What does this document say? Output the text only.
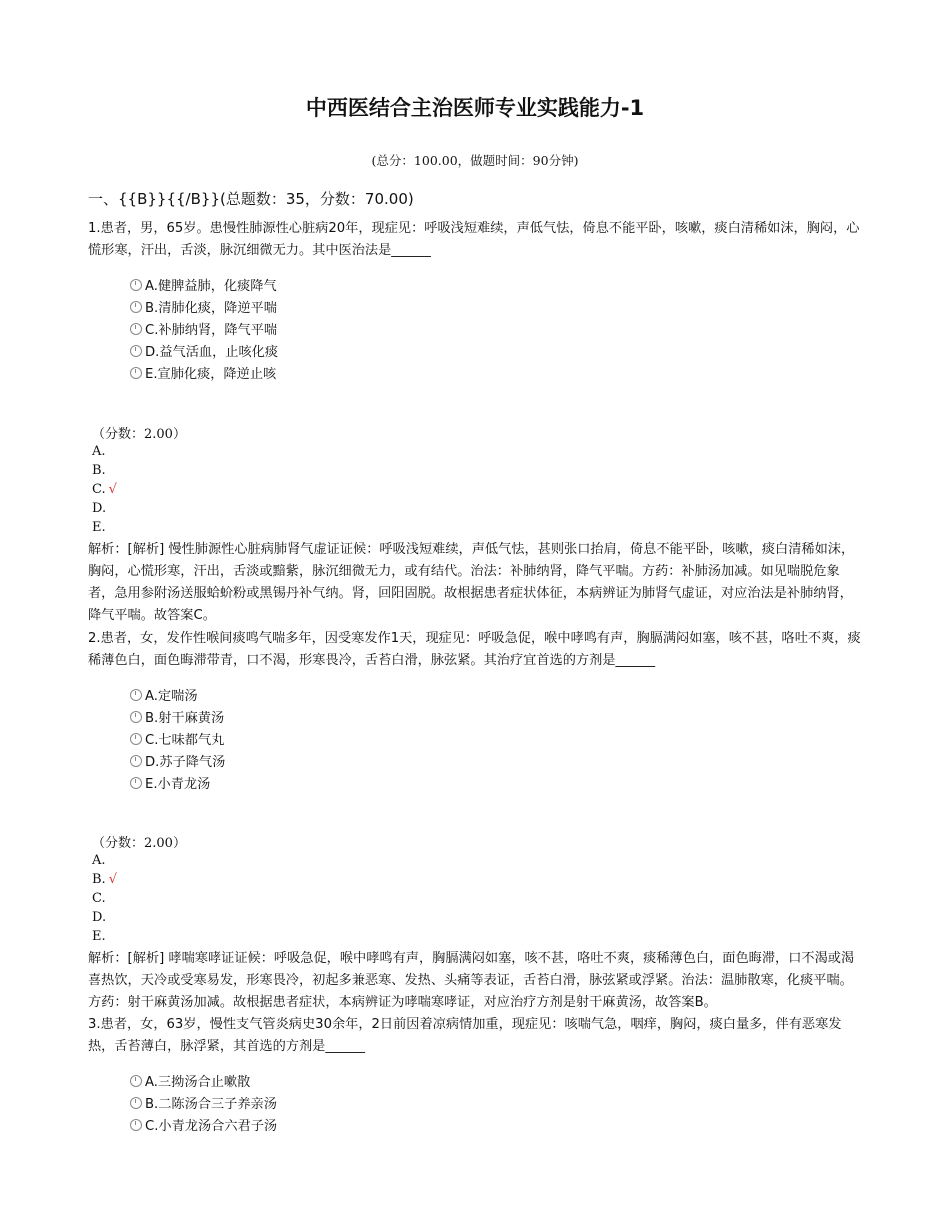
中西医结合主治医师专业实践能力-1
(总分：100.00，做题时间：90分钟)
一、{{B}}{{/B}}(总题数：35，分数：70.00)
1.患者，男，65岁。患慢性肺源性心脏病20年，现症见：呼吸浅短难续，声低气怯，倚息不能平卧，咳嗽，痰白清稀如沫，胸闷，心慌形寒，汗出，舌淡，脉沉细微无力。其中医治法是______
A.健脾益肺，化痰降气
B.清肺化痰，降逆平喘
C.补肺纳肾，降气平喘
D.益气活血，止咳化痰
E.宣肺化痰，降逆止咳
（分数：2.00）
A.
B.
C. √
D.
E.
解析：[解析] 慢性肺源性心脏病肺肾气虚证证候：呼吸浅短难续，声低气怯，甚则张口抬肩，倚息不能平卧，咳嗽，痰白清稀如沫，胸闷，心慌形寒，汗出，舌淡或黯紫，脉沉细微无力，或有结代。治法：补肺纳肾，降气平喘。方药：补肺汤加减。如见喘脱危象者，急用参附汤送服蛤蚧粉或黑锡丹补气纳。肾，回阳固脱。故根据患者症状体征，本病辨证为肺肾气虚证，对应治法是补肺纳肾，降气平喘。故答案C。
2.患者，女，发作性喉间痰鸣气喘多年，因受寒发作1天，现症见：呼吸急促，喉中哮鸣有声，胸膈满闷如塞，咳不甚，咯吐不爽，痰稀薄色白，面色晦滞带青，口不渴，形寒畏冷，舌苔白滑，脉弦紧。其治疗宜首选的方剂是______
A.定喘汤
B.射干麻黄汤
C.七味都气丸
D.苏子降气汤
E.小青龙汤
（分数：2.00）
A.
B. √
C.
D.
E.
解析：[解析] 哮喘寒哮证证候：呼吸急促，喉中哮鸣有声，胸膈满闷如塞，咳不甚，咯吐不爽，痰稀薄色白，面色晦滞，口不渴或渴喜热饮，天冷或受寒易发，形寒畏冷，初起多兼恶寒、发热、头痛等表证，舌苔白滑，脉弦紧或浮紧。治法：温肺散寒，化痰平喘。方药：射干麻黄汤加减。故根据患者症状，本病辨证为哮喘寒哮证，对应治疗方剂是射干麻黄汤，故答案B。
3.患者，女，63岁，慢性支气管炎病史30余年，2日前因着凉病情加重，现症见：咳喘气急，咽痒，胸闷，痰白量多，伴有恶寒发热，舌苔薄白，脉浮紧，其首选的方剂是______
A.三拗汤合止嗽散
B.二陈汤合三子养亲汤
C.小青龙汤合六君子汤
